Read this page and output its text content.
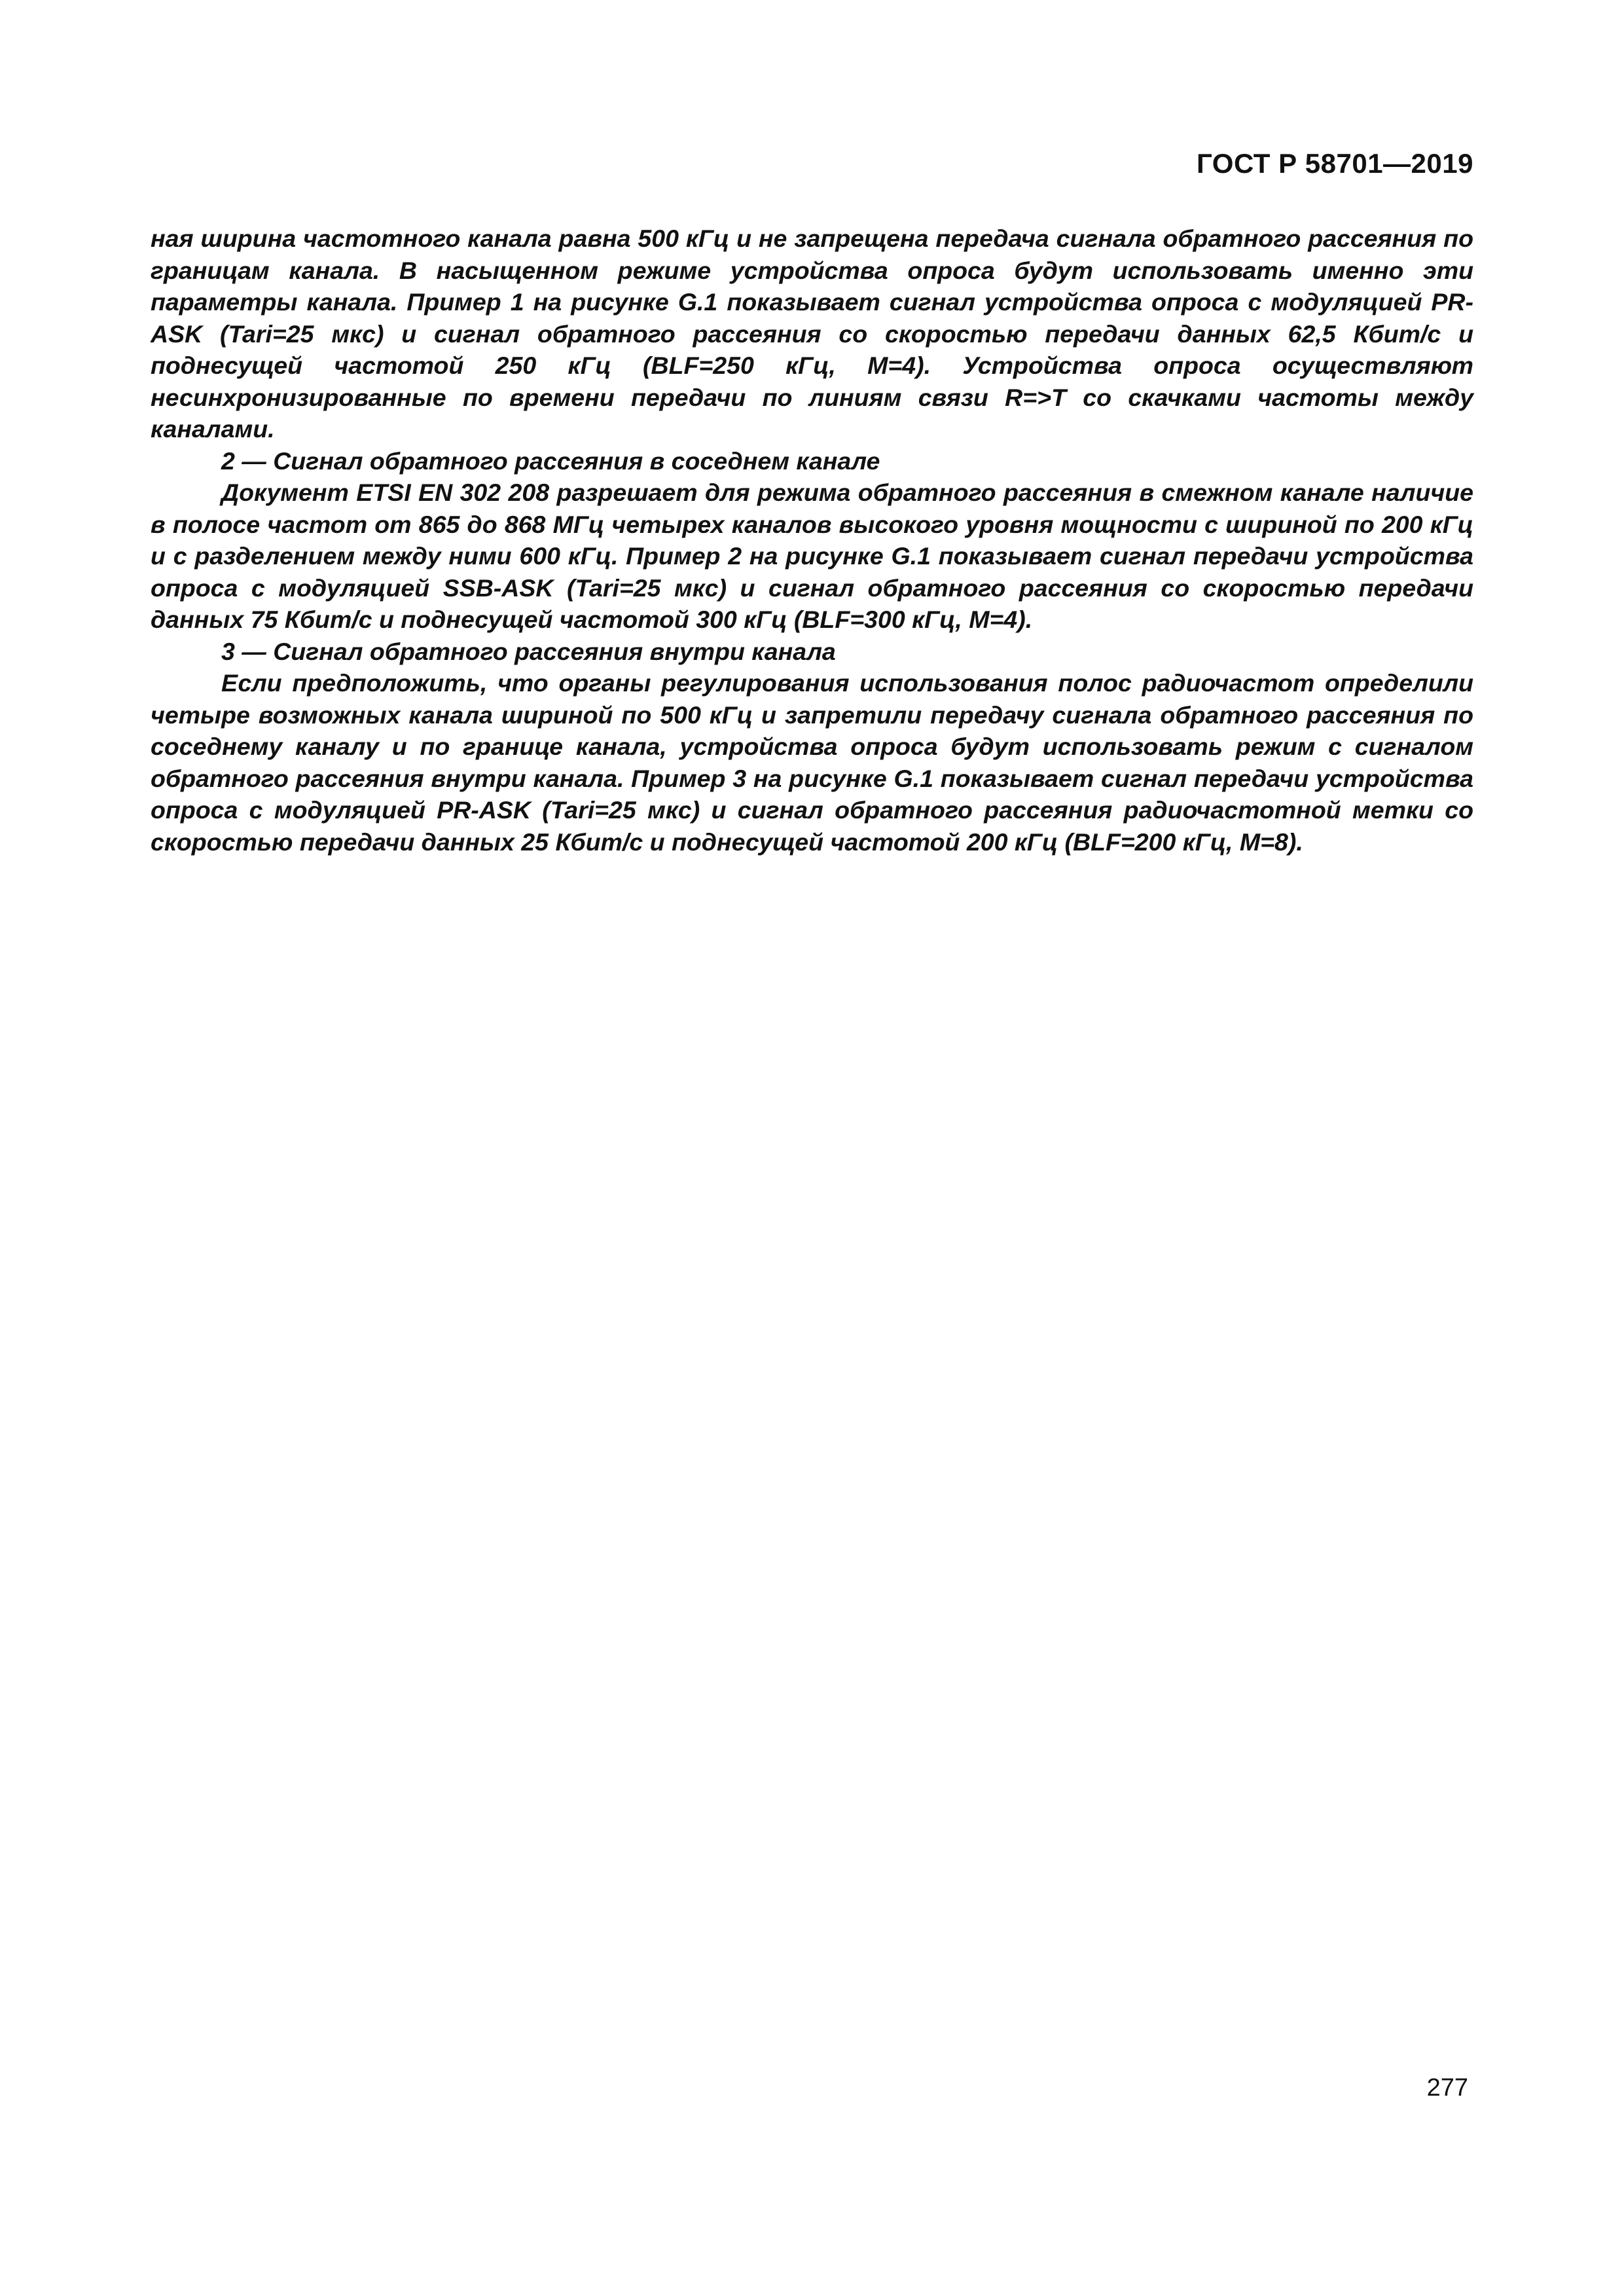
ГОСТ Р 58701—2019

ная ширина частотного канала равна 500 кГц и не запрещена передача сигнала обратного рассеяния по границам канала. В насыщенном режиме устройства опроса будут использовать именно эти параметры канала. Пример 1 на рисунке G.1 показывает сигнал устройства опроса с модуляцией PR-ASK (Tari=25 мкс) и сигнал обратного рассеяния со скоростью передачи данных 62,5 Кбит/с и поднесущей частотой 250 кГц (BLF=250 кГц, M=4). Устройства опроса осуществляют несинхронизированные по времени передачи по линиям связи R=>T со скачками частоты между каналами.

2 — Сигнал обратного рассеяния в соседнем канале

Документ ETSI EN 302 208 разрешает для режима обратного рассеяния в смежном канале наличие в полосе частот от 865 до 868 МГц четырех каналов высокого уровня мощности с шириной по 200 кГц и с разделением между ними 600 кГц. Пример 2 на рисунке G.1 показывает сигнал передачи устройства опроса с модуляцией SSB-ASK (Tari=25 мкс) и сигнал обратного рассеяния со скоростью передачи данных 75 Кбит/с и поднесущей частотой 300 кГц (BLF=300 кГц, M=4).

3 — Сигнал обратного рассеяния внутри канала

Если предположить, что органы регулирования использования полос радиочастот определили четыре возможных канала шириной по 500 кГц и запретили передачу сигнала обратного рассеяния по соседнему каналу и по границе канала, устройства опроса будут использовать режим с сигналом обратного рассеяния внутри канала. Пример 3 на рисунке G.1 показывает сигнал передачи устройства опроса с модуляцией PR-ASK (Tari=25 мкс) и сигнал обратного рассеяния радиочастотной метки со скоростью передачи данных 25 Кбит/с и поднесущей частотой 200 кГц (BLF=200 кГц, M=8).

277
